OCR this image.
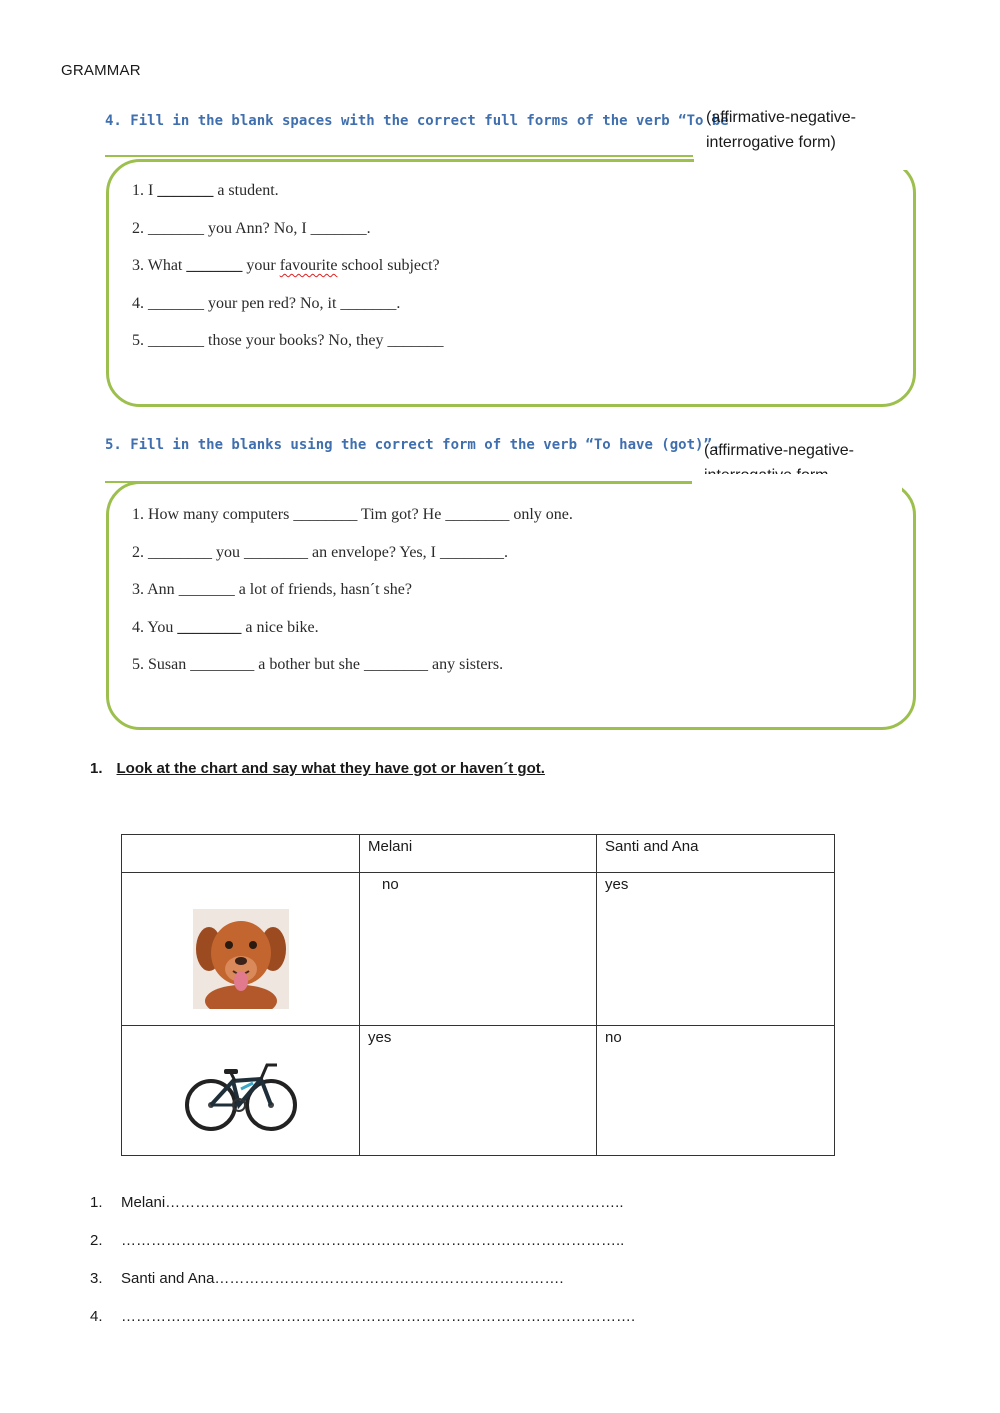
GRAMMAR
4. Fill in the blank spaces with the correct full forms of the verb “To be
(affirmative-negative-
interrogative form)
1. I _______ a student.
2. _______ you Ann? No, I _______.
3. What _______ your favourite school subject?
4. _______ your pen red? No, it _______.
5. _______ those your books? No, they _______
5. Fill in the blanks using the correct form of the verb “To have (got)”.
(affirmative-negative-
1. How many computers ________ Tim got? He ________ only one.
2. ________ you ________ an envelope? Yes, I ________.
3. Ann _______ a lot of friends, hasn´t she?
4. You ________ a nice bike.
5. Susan ________ a bother but she ________ any sisters.
1. Look at the chart and say what they have got or haven´t got.
	Melani	Santi and Ana
	no	yes
	yes	no
1. Melani………………………………………………………………………………..
2. ………………………………………………………………………………………..
3. Santi and Ana…………………………………………………………….
4. ………………………………………………………………………………………….
